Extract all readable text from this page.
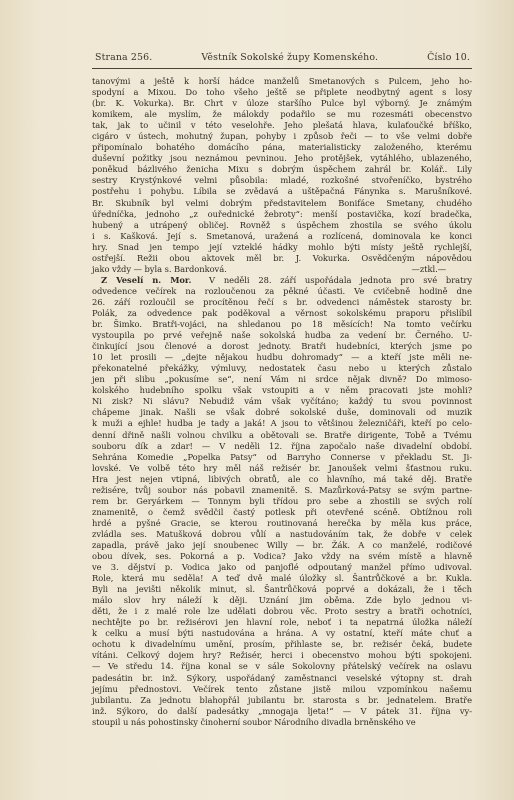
Strana 256.	Věstník Sokolské župy Komenského.	Číslo 10.
tanovými a ještě k horší hádce manželů Smetanových s Pulcem, jeho ho-
spodyní a Mixou. Do toho všeho ještě se připlete neodbytný agent s losy
(br. K. Vokurka). Br. Chrt v úloze staršího Pulce byl výborný. Je známým
komikem, ale myslím, že málokdy podařilo se mu rozesmáti obecenstvo
tak, jak to učinil v této veselohře. Jeho plešatá hlava, kulaťoučké bříško,
cigáro v ústech, mohutný župan, pohyby i způsob řeči — to vše velmi dobře
připomínalo bohatého domácího pána, materialisticky založeného, kterému
duševní požitky jsou neznámou pevninou. Jeho protějšek, vytáhlého, ublazeného,
poněkud bázlivého ženicha Mixu s dobrým úspěchem zahrál br. Kolář.. Lily
sestry Krystýnkové velmi působila: mladé, rozkošné stvořeníčko, bystrého
postřehu i pohybu. Líbila se zvědavá a uštěpačná Fánynka s. Marušníkové.
Br. Skubník byl velmi dobrým představitelem Bonifáce Smetany, chudého
úředníčka, jednoho „z ouřednické žebroty“: menší postavička, kozí bradečka,
hubený a utrápený obličej. Rovněž s úspěchem zhostila se svého úkolu
i s. Kašková. Její s. Smetanová, uražená a rozlícená, dominovala ke konci
hry. Snad jen tempo její vzteklé hádky mohlo býti místy ještě rychlejší,
ostřejší. Režii obou aktovek měl br. J. Vokurka. Osvědčeným nápovědou
jako vždy — byla s. Bardonková.	—ztkl.—
Z Veselí n. Mor. V neděli 28. září uspořádala jednota pro své bratry
odvedence večírek na rozloučenou za pěkné účasti. Ve cvičebně hodině dne
26. září rozloučil se procítěnou řečí s br. odvedenci náměstek starosty br.
Polák, za odvedence pak poděkoval a věrnost sokolskému praporu přislíbil
br. Šimko. Bratři-vojáci, na shledanou po 18 měsících! Na tomto večírku
vystoupila po prvé veřejně naše sokolská hudba za vedení br. Černého. U-
činkující jsou členové a dorost jednoty. Bratři hudebníci, kterých jsme po
10 let prosili — „dejte nějakou hudbu dohromady“ — a kteří jste měli ne-
překonatelné překážky, výmluvy, nedostatek času nebo u kterých zůstalo
jen při slibu „pokusíme se“, není Vám ni srdce nějak divně? Do mimoso-
kolského hudebního spolku však vstoupiti a v něm pracovati jste mohli?
Ni zisk? Ni slávu? Nebudiž vám však vyčítáno; každý tu svou povinnost
chápeme jinak. Našli se však dobré sokolské duše, dominovali od muzik
k muži a ejhle! hudba je tady a jaká! A jsou to většinou železničáři, kteří po celo-
denní dřině našli volnou chvilku a obětovali se. Bratře dirigente, Tobě a Tvému
souboru dík a zdar! — V neděli 12. října započalo naše divadelní období.
Sehrána Komedie „Popelka Patsy“ od Barryho Connerse v překladu St. Ji-
lovské. Ve volbě této hry měl náš režisér br. Janoušek velmi šťastnou ruku.
Hra jest nejen vtipná, libivých obratů, ale co hlavního, má také děj. Bratře
režisére, tvůj soubor nás pobavil znamenitě. S. Mazůrková-Patsy se svým partne-
rem br. Geryárkem — Tonnym byli třídou pro sebe a zhostili se svých rolí
znamenitě, o čemž svědčil častý potlesk při otevřené scéně. Obtížnou roli
hrdé a pyšné Gracie, se kterou routinovaná herečka by měla kus práce,
zvládla ses. Matušková dobrou vůlí a nastudováním tak, že dobře v celek
zapadla, právě jako její snoubenec Willy — br. Žák. A co manželé, rodičové
obou dívek, ses. Pokorná a p. Vodica? Jako vždy na svém místě a hlavně
ve 3. dějství p. Vodica jako od panjoflé odpoutaný manžel přímo udivoval.
Role, která mu seděla! A teď dvě malé úložky sl. Šantrůčkové a br. Kukla.
Byli na jevišti několik minut, sl. Šantrůčková poprvé a dokázali, že i těch
málo slov hry náleží k ději. Uznání jim oběma. Zde bylo jednou vi-
děti, že i z malé role lze udělati dobrou věc. Proto sestry a bratři ochotníci,
nechtějte po br. režisérovi jen hlavní role, neboť i ta nepatrná úložka náleží
k celku a musí býti nastudována a hrána. A vy ostatní, kteří máte chuť a
ochotu k divadelnímu umění, prosím, přihlaste se, br. režisér čeká, budete
vítáni. Celkový dojem hry? Režisér, herci i obecenstvo mohou býti spokojeni.
— Ve středu 14. října konal se v sále Sokolovny přátelský večírek na oslavu
padesátin br. inž. Sýkory, uspořádaný zaměstnanci veselské výtopny st. drah
jejímu přednostovi. Večírek tento zůstane jistě milou vzpomínkou našemu
jubilantu. Za jednotu blahopřál jubilantu br. starosta s br. jednatelem. Bratře
inž. Sýkoro, do další padesátky „mnogaja ljeta!“ — V pátek 31. října vy-
stoupil u nás pohostinsky činoherní soubor Národního divadla brněnského ve
